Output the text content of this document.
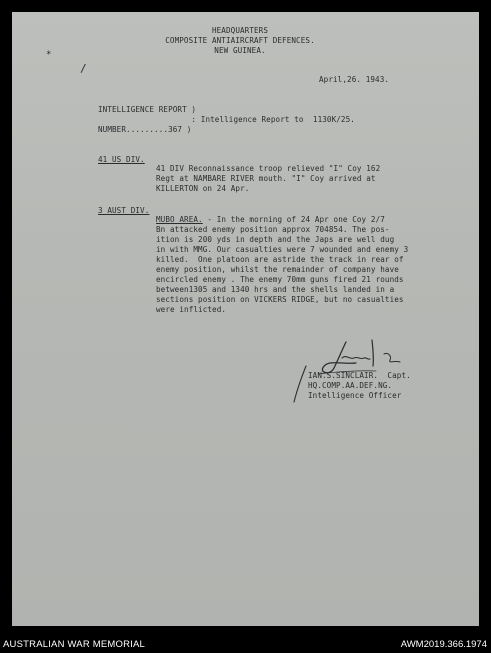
HEADQUARTERS

COMPOSITE ANTIAIRCRAFT DEFENCES.

NEW GUINEA.

*
/

April,26. 1943.

INTELLIGENCE REPORT )

: Intelligence Report to  1130K/25.

NUMBER.........367 )

41 US DIV.

41 DIV Reconnaissance troop relieved "I" Coy 162

Regt at NAMBARE RIVER mouth. "I" Coy arrived at

KILLERTON on 24 Apr.

3 AUST DIV.

MUBO AREA. - In the morning of 24 Apr one Coy 2/7

Bn attacked enemy position approx 704854. The pos-

ition is 200 yds in depth and the Japs are well dug

in with MMG. Our casualties were 7 wounded and enemy 3

killed.  One platoon are astride the track in rear of

enemy position, whilst the remainder of company have

encircled enemy . The enemy 70mm guns fired 21 rounds

between1305 and 1340 hrs and the shells landed in a

sections position on VICKERS RIDGE, but no casualties

were inflicted.

IAN.S.SINCLAIR.  Capt.

HQ.COMP.AA.DEF.NG.

Intelligence Officer

AUSTRALIAN WAR MEMORIAL	AWM2019.366.1974
